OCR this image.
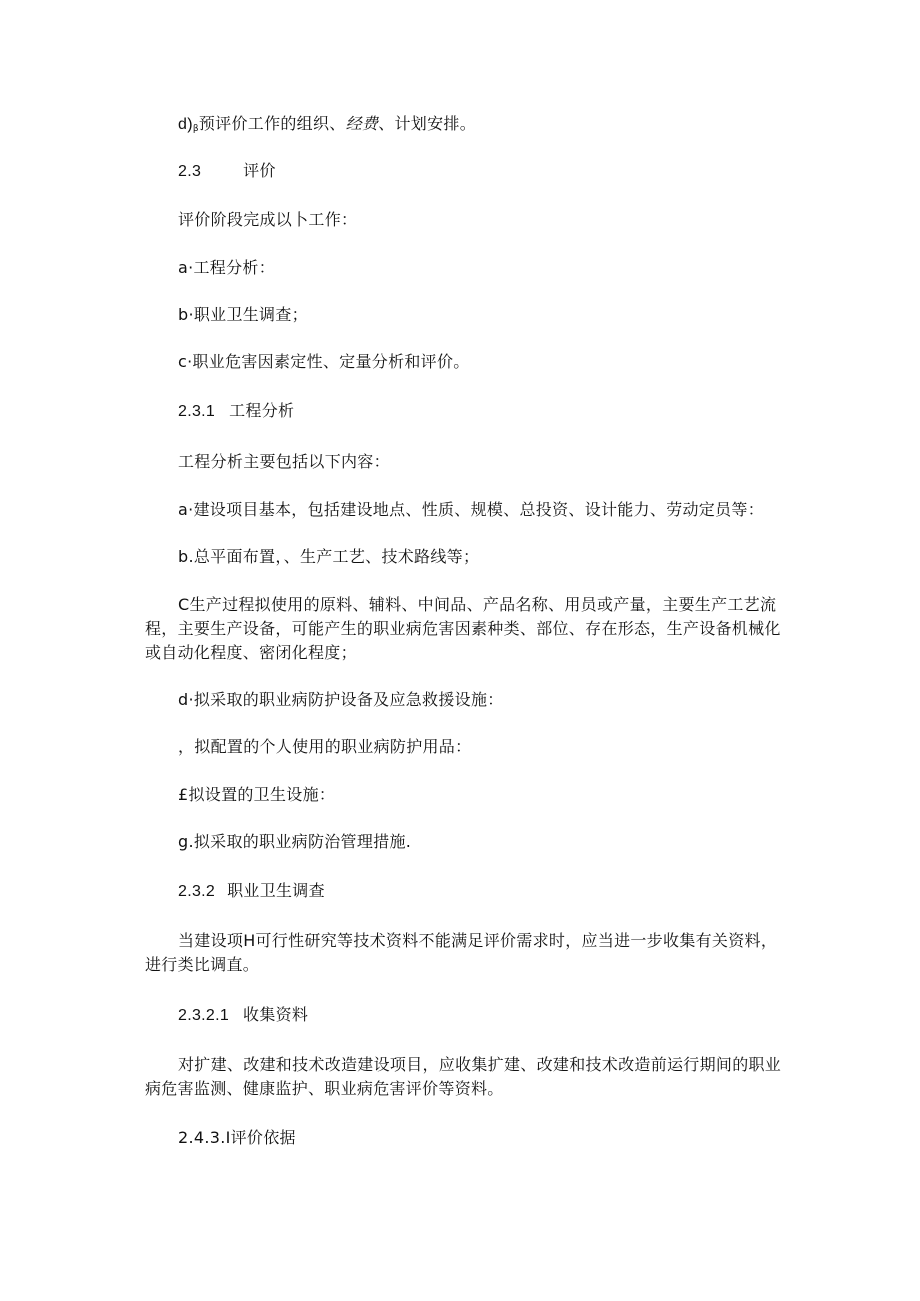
$d)_\beta$预评价工作的组织、经费、计划安排。
2.3	评价
评价阶段完成以卜工作：
a·工程分析：
b·职业卫生调查；
c·职业危害因素定性、定量分析和评价。
2.3.1 工程分析
工程分析主要包括以下内容：
a·建设项目基本，包括建设地点、性质、规模、总投资、设计能力、劳动定员等：
b.总平面布置，、生产工艺、技术路线等；
C生产过程拟使用的原料、辅料、中间品、产品名称、用员或产量，主要生产工艺流程，主要生产设备，可能产生的职业病危害因素种类、部位、存在形态，生产设备机械化或自动化程度、密闭化程度；
d·拟采取的职业病防护设备及应急救援设施：
，拟配置的个人使用的职业病防护用品：
£拟设置的卫生设施：
g.拟采取的职业病防治管理措施.
2.3.2 职业卫生调查
当建设项H可行性研究等技术资料不能满足评价需求时，应当进一步收集有关资料，进行类比调直。
2.3.2.1 收集资料
对扩建、改建和技术改造建设项目，应收集扩建、改建和技术改造前运行期间的职业病危害监测、健康监护、职业病危害评价等资料。
2.4.3.I评价依据
